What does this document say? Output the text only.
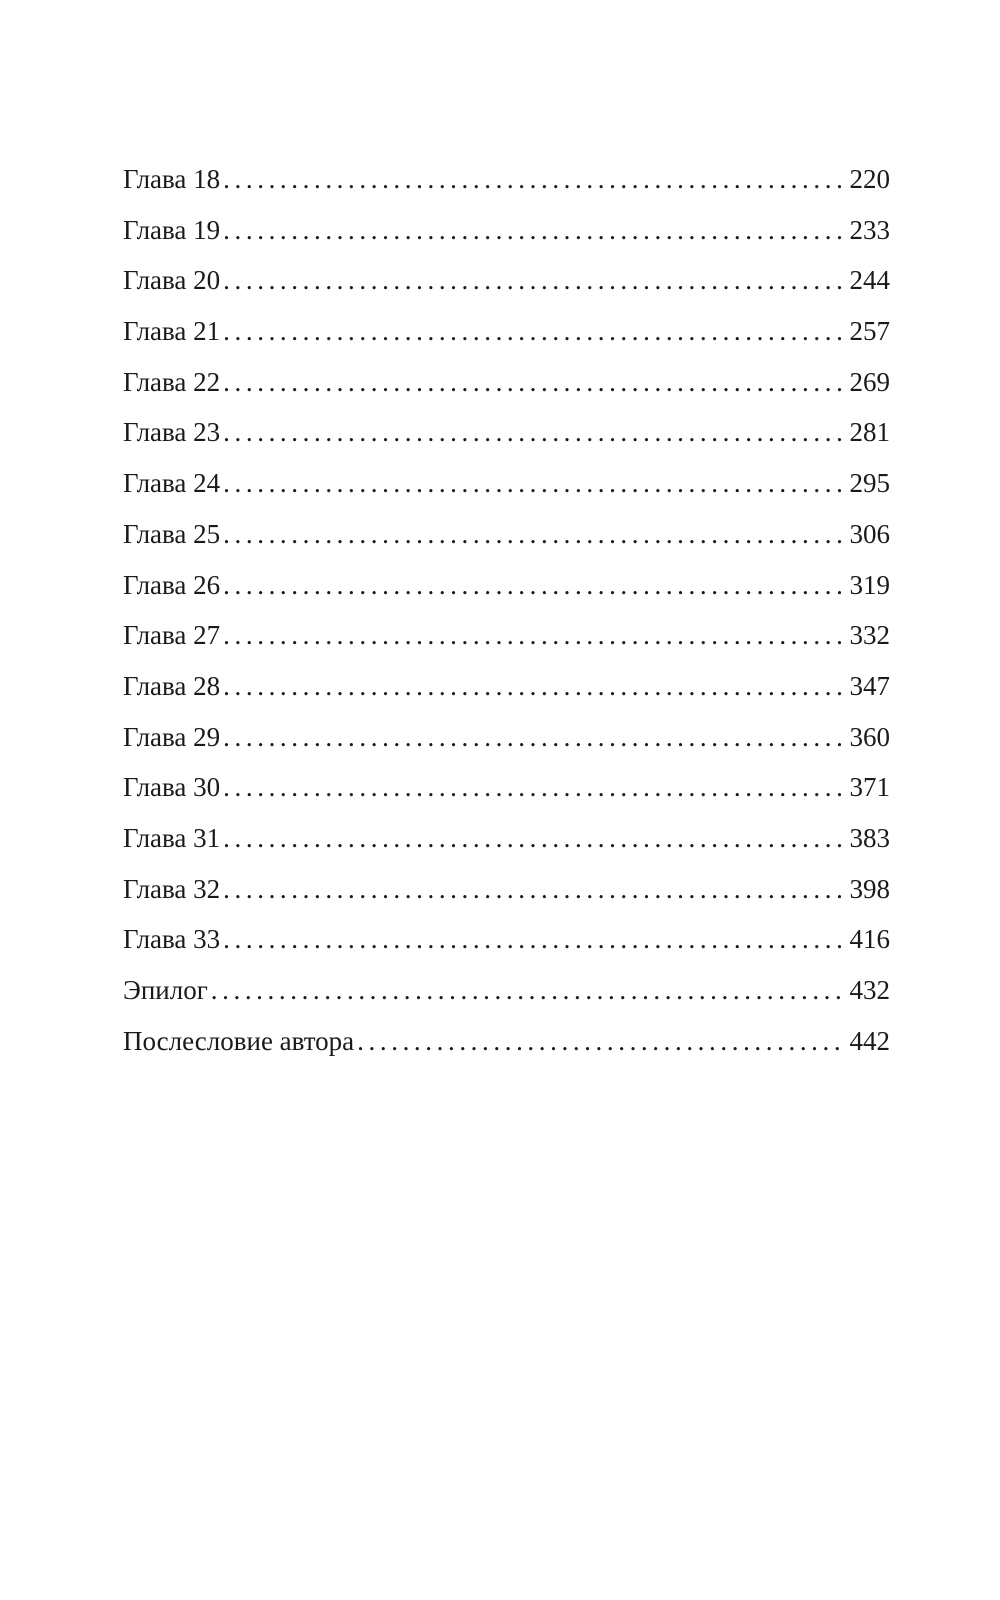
Глава 18 .....	220
Глава 19 .....	233
Глава 20 .....	244
Глава 21 .....	257
Глава 22 .....	269
Глава 23 .....	281
Глава 24 .....	295
Глава 25 .....	306
Глава 26 .....	319
Глава 27 .....	332
Глава 28 .....	347
Глава 29 .....	360
Глава 30 .....	371
Глава 31 .....	383
Глава 32 .....	398
Глава 33 .....	416
Эпилог .....	432
Послесловие автора .....	442
